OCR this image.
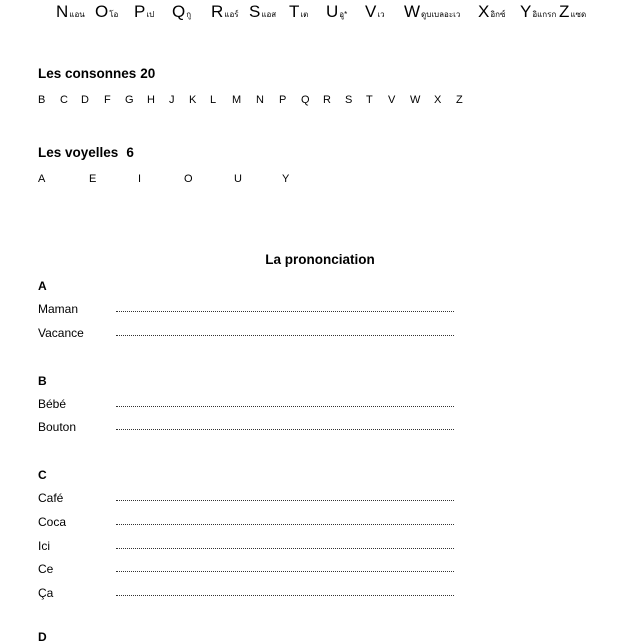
Nแอน Oโอ Pเป Qกู Rแอร์ Sแอส Tเต Uอู* Vเว Wดูบเบลอะเว Xอิกซ์ Yอิแกรก Zแซด
Les consonnes 20
B C D F G H J K L M N P Q R S T V W X Z
Les voyelles 6
A	E	I	O	U	Y
La prononciation
A
Maman
Vacance
B
Bébé
Bouton
C
Café
Coca
Ici
Ce
Ça
D
